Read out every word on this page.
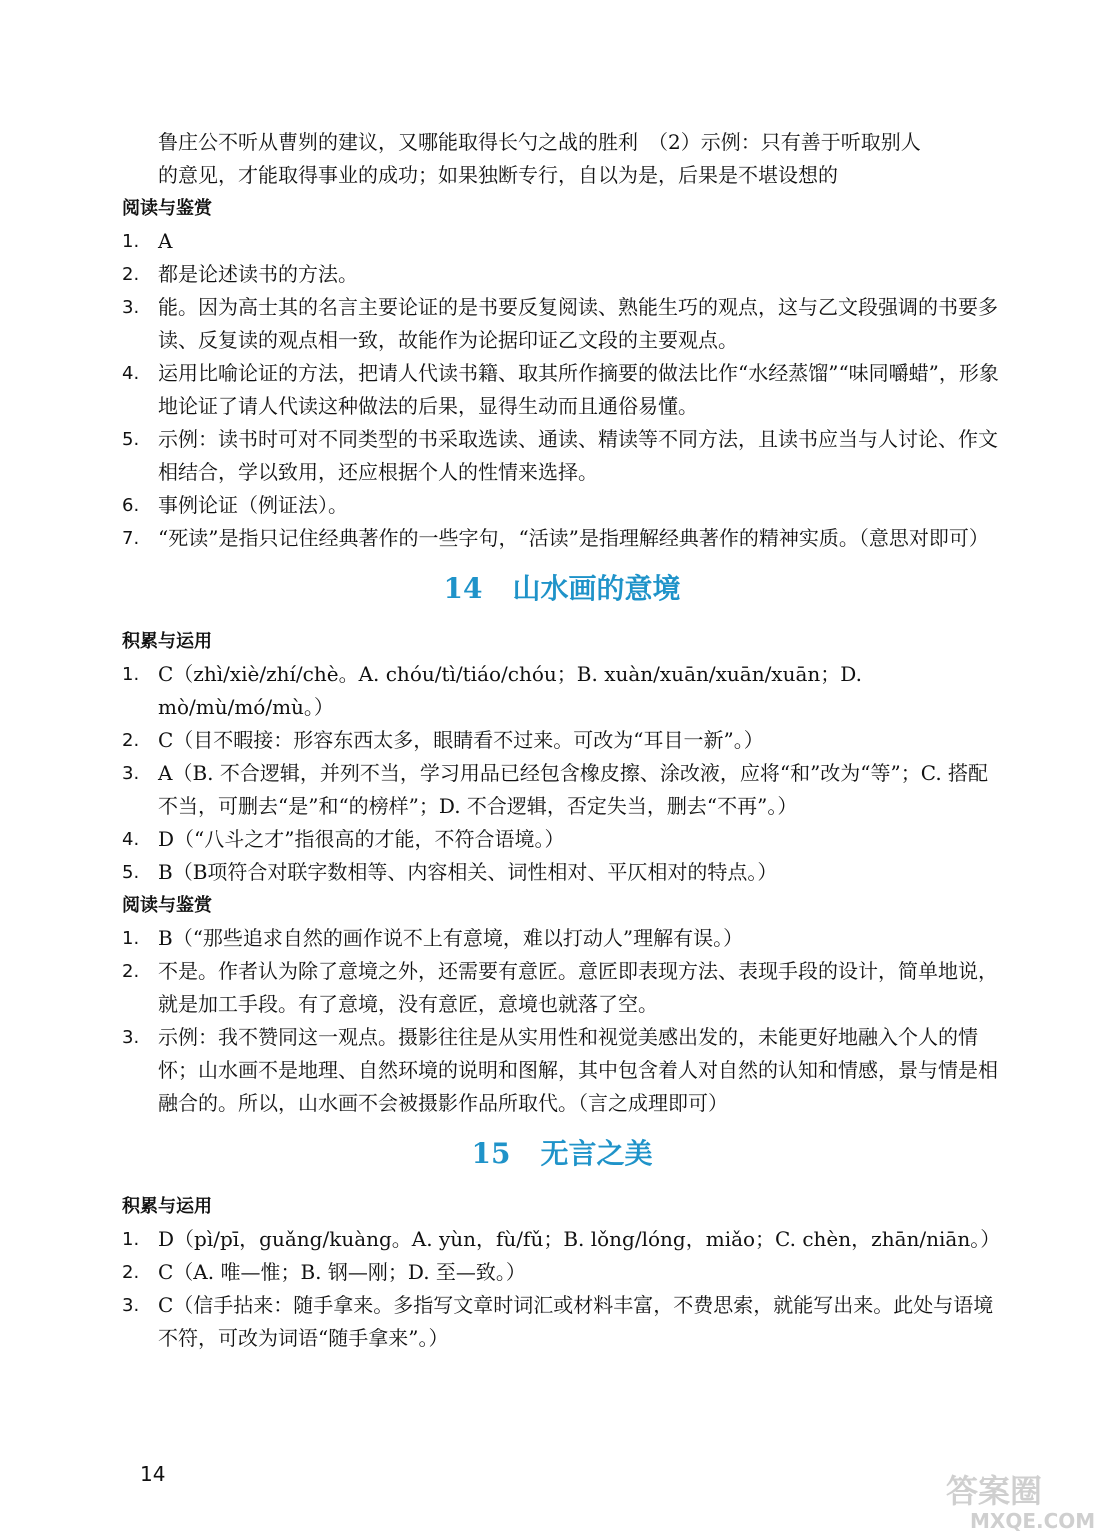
鲁庄公不听从曹刿的建议，又哪能取得长勺之战的胜利　（2）示例：只有善于听取别人

的意见，才能取得事业的成功；如果独断专行，自以为是，后果是不堪设想的

阅读与鉴赏
1. A
2. 都是论述读书的方法。
3. 能。因为高士其的名言主要论证的是书要反复阅读、熟能生巧的观点，这与乙文段强调的书要多读、反复读的观点相一致，故能作为论据印证乙文段的主要观点。
4. 运用比喻论证的方法，把请人代读书籍、取其所作摘要的做法比作“水经蒸馏”“味同嚼蜡”，形象地论证了请人代读这种做法的后果，显得生动而且通俗易懂。
5. 示例：读书时可对不同类型的书采取选读、通读、精读等不同方法，且读书应当与人讨论、作文相结合，学以致用，还应根据个人的性情来选择。
6. 事例论证（例证法）。
7. “死读”是指只记住经典著作的一些字句，“活读”是指理解经典著作的精神实质。（意思对即可）
14 山水画的意境
积累与运用
1. C（zhì/xiè/zhí/chè。A. chóu/tì/tiáo/chóu；B. xuàn/xuān/xuān/xuān；D. mò/mù/mó/mù。）
2. C（目不暇接：形容东西太多，眼睛看不过来。可改为“耳目一新”。）
3. A（B. 不合逻辑，并列不当，学习用品已经包含橡皮擦、涂改液，应将“和”改为“等”；C. 搭配不当，可删去“是”和“的榜样”；D. 不合逻辑，否定失当，删去“不再”。）
4. D（“八斗之才”指很高的才能，不符合语境。）
5. B（B项符合对联字数相等、内容相关、词性相对、平仄相对的特点。）
阅读与鉴赏
1. B（“那些追求自然的画作说不上有意境，难以打动人”理解有误。）
2. 不是。作者认为除了意境之外，还需要有意匠。意匠即表现方法、表现手段的设计，简单地说，就是加工手段。有了意境，没有意匠，意境也就落了空。
3. 示例：我不赞同这一观点。摄影往往是从实用性和视觉美感出发的，未能更好地融入个人的情怀；山水画不是地理、自然环境的说明和图解，其中包含着人对自然的认知和情感，景与情是相融合的。所以，山水画不会被摄影作品所取代。（言之成理即可）
15 无言之美
积累与运用
1. D（pì/pī，guǎng/kuàng。A. yùn，fù/fǔ；B. lǒng/lóng，miǎo；C. chèn，zhān/niān。）
2. C（A. 唯—惟；B. 钢—刚；D. 至—致。）
3. C（信手拈来：随手拿来。多指写文章时词汇或材料丰富，不费思索，就能写出来。此处与语境不符，可改为词语“随手拿来”。）
14	答案圈
MXQE.COM
